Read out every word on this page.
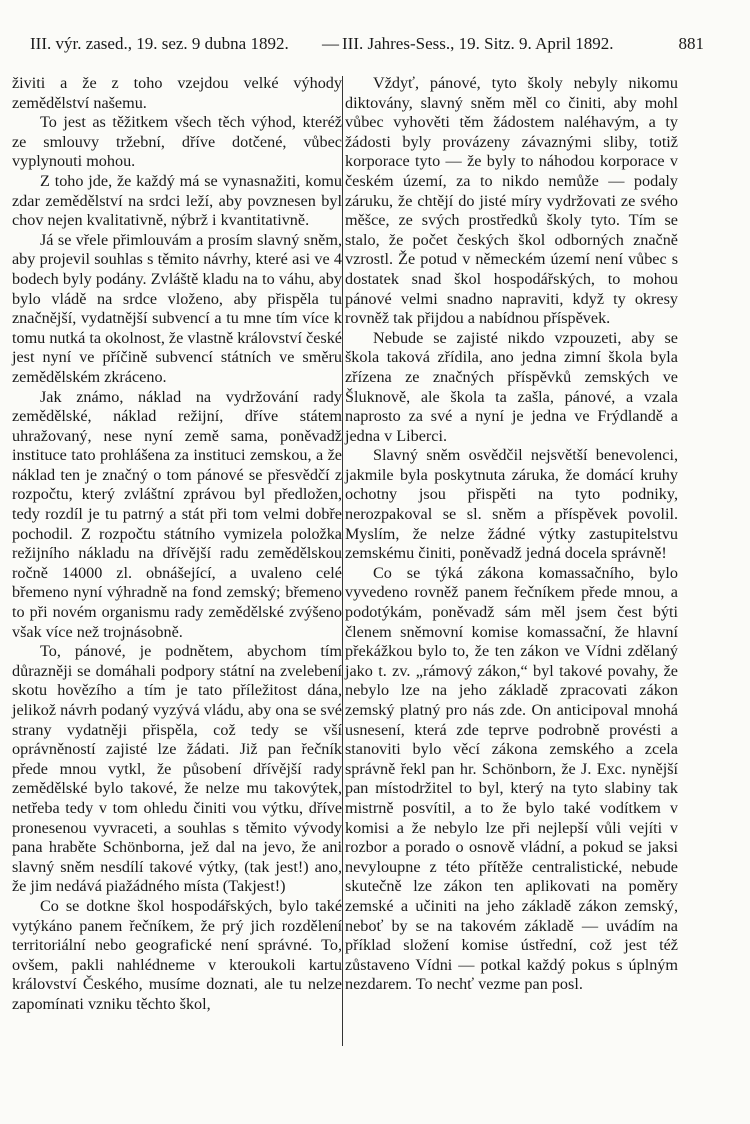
III. výr. zased., 19. sez. 9 dubna 1892. — III. Jahres-Sess., 19. Sitz. 9. April 1892.	881

živiti a že z toho vzejdou velké výhody zemědělství našemu.

To jest as těžitkem všech těch výhod, kteréž ze smlouvy tržební, dříve dotčené, vůbec vyplynouti mohou.

Z toho jde, že každý má se vynasnažiti, komu zdar zemědělství na srdci leží, aby povznesen byl chov nejen kvalitativně, nýbrž i kvantitativně.

Já se vřele přimlouvám a prosím slavný sněm, aby projevil souhlas s těmito návrhy, které asi ve 4 bodech byly podány. Zvláště kladu na to váhu, aby bylo vládě na srdce vloženo, aby přispěla tu značnější, vydatnější subvencí a tu mne tím více k tomu nutká ta okolnost, že vlastně království české jest nyní ve příčině subvencí státních ve směru zemědělském zkráceno.

Jak známo, náklad na vydržování rady zemědělské, náklad režijní, dříve státem uhražovaný, nese nyní země sama, poněvadž instituce tato prohlášena za instituci zemskou, a že náklad ten je značný o tom pánové se přesvědčí z rozpočtu, který zvláštní zprávou byl předložen, tedy rozdíl je tu patrný a stát při tom velmi dobře pochodil. Z rozpočtu státního vymizela položka režijního nákladu na dřívější radu zemědělskou ročně 14000 zl. obnášející, a uvaleno celé břemeno nyní výhradně na fond zemský; břemeno to při novém organismu rady zemědělské zvýšeno však více než trojnásobně.

To, pánové, je podnětem, abychom tím důrazněji se domáhali podpory státní na zvelebení skotu hovězího a tím je tato příležitost dána, jelikož návrh podaný vyzývá vládu, aby ona se své strany vydatněji přispěla, což tedy se vší oprávněností zajisté lze žádati. Již pan řečník přede mnou vytkl, že působení dřívější rady zemědělské bylo takové, že nelze mu takovýtek, netřeba tedy v tom ohledu činiti vou výtku, dříve pronesenou vyvraceti, a souhlas s těmito vývody pana hraběte Schönborna, jež dal na jevo, že ani slavný sněm nesdílí takové výtky, (tak jest!) ano, že jim nedává piažádného místa (Takjest!)

Co se dotkne škol hospodářských, bylo také vytýkáno panem řečníkem, že prý jich rozdělení territoriální nebo geografické není správné. To, ovšem, pakli nahlédneme v kteroukoli kartu království Českého, musíme doznati, ale tu nelze zapomínati vzniku těchto škol,

Vždyť, pánové, tyto školy nebyly nikomu diktovány, slavný sněm měl co činiti, aby mohl vůbec vyhověti těm žádostem naléhavým, a ty žádosti byly provázeny závaznými sliby, totiž korporace tyto — že byly to náhodou korporace v českém území, za to nikdo nemůže — podaly záruku, že chtějí do jisté míry vydržovati ze svého měšce, ze svých prostředků školy tyto. Tím se stalo, že počet českých škol odborných značně vzrostl. Že potud v německém území není vůbec s dostatek snad škol hospodářských, to mohou pánové velmi snadno napraviti, když ty okresy rovněž tak přijdou a nabídnou příspěvek.

Nebude se zajisté nikdo vzpouzeti, aby se škola taková zřídila, ano jedna zimní škola byla zřízena ze značných příspěvků zemských ve Šluknově, ale škola ta zašla, pánové, a vzala naprosto za své a nyní je jedna ve Frýdlandě a jedna v Liberci.

Slavný sněm osvědčil nejsvětší benevolenci, jakmile byla poskytnuta záruka, že domácí kruhy ochotny jsou přispěti na tyto podniky, nerozpakoval se sl. sněm a příspěvek povolil. Myslím, že nelze žádné výtky zastupitelstvu zemskému činiti, poněvadž jedná docela správně!

Co se týká zákona komassačního, bylo vyvedeno rovněž panem řečníkem přede mnou, a podotýkám, poněvadž sám měl jsem čest býti členem sněmovní komise komassační, že hlavní překážkou bylo to, že ten zákon ve Vídni zdělaný jako t. zv. „rámový zákon,“ byl takové povahy, že nebylo lze na jeho základě zpracovati zákon zemský platný pro nás zde. On anticipoval mnohá usnesení, která zde teprve podrobně provésti a stanoviti bylo věcí zákona zemského a zcela správně řekl pan hr. Schönborn, že J. Exc. nynější pan místodržitel to byl, který na tyto slabiny tak mistrně posvítil, a to že bylo také vodítkem v komisi a že nebylo lze při nejlepší vůli vejíti v rozbor a porado o osnově vládní, a pokud se jaksi nevyloupne z této přítěže centralistické, nebude skutečně lze zákon ten aplikovati na poměry zemské a učiniti na jeho základě zákon zemský, neboť by se na takovém základě — uvádím na příklad složení komise ústřední, což jest též zůstaveno Vídni — potkal každý pokus s úplným nezdarem. To nechť vezme pan posl.
